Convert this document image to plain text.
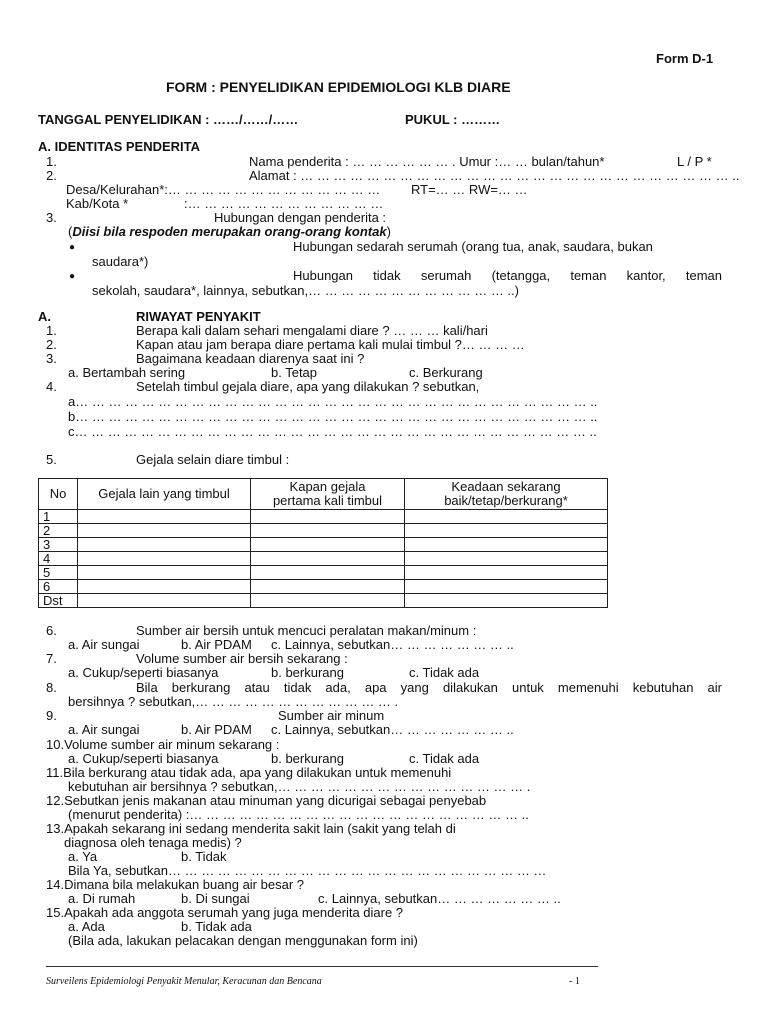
Form D-1
FORM : PENYELIDIKAN EPIDEMIOLOGI KLB DIARE
TANGGAL PENYELIDIKAN : ……/……/……	PUKUL : ………
A. IDENTITAS PENDERITA
1.	Nama penderita : … … … … … … . Umur :… … bulan/tahun*	L / P *
2.	Alamat : … … … … … … … … … … … … … … … … … … … … … … … … … … ..
Desa/Kelurahan*:… … … … … … … … … … … … … RT=… … RW=… …
Kab/Kota *	:… … … … … … … … … … … …
3.	Hubungan dengan penderita :
(Diisi bila respoden merupakan orang-orang kontak)
●	Hubungan sedarah serumah (orang tua, anak, saudara, bukan
saudara*)
●	Hubungan tidak serumah (tetangga, teman kantor, teman
sekolah, saudara*, lainnya, sebutkan,… … … … … … … … … … … … ..)
A.	RIWAYAT PENYAKIT
1.	Berapa kali dalam sehari mengalami diare ? … … … kali/hari
2.	Kapan atau jam berapa diare pertama kali mulai timbul ?… … … …
3.	Bagaimana keadaan diarenya saat ini ?
a. Bertambah sering	b. Tetap	c. Berkurang
4.	Setelah timbul gejala diare, apa yang dilakukan ? sebutkan,
a… … … … … … … … … … … … … … … … … … … … … … … … … … … … … … … ..
b… … … … … … … … … … … … … … … … … … … … … … … … … … … … … … … ..
c… … … … … … … … … … … … … … … … … … … … … … … … … … … … … … … ..
5.	Gejala selain diare timbul :
No	Gejala lain yang timbul	Kapan gejala pertama kali timbul	Keadaan sekarang baik/tetap/berkurang*

1			
2			
3			
4			
5			
6			
Dst			
6.	Sumber air bersih untuk mencuci peralatan makan/minum :
a. Air sungai	b. Air PDAM c. Lainnya, sebutkan… … … … … … … ..
7.	Volume sumber air bersih sekarang :
a. Cukup/seperti biasanya	b. berkurang	c. Tidak ada
8.	Bila berkurang atau tidak ada, apa yang dilakukan untuk memenuhi kebutuhan air
bersihnya ? sebutkan,… … … … … … … … … … … … .
9.	Sumber air minum
a. Air sungai	b. Air PDAM c. Lainnya, sebutkan… … … … … … … ..
10.Volume sumber air minum sekarang :
a. Cukup/seperti biasanya	b. berkurang	c. Tidak ada
11.Bila berkurang atau tidak ada, apa yang dilakukan untuk memenuhi
kebutuhan air bersihnya ? sebutkan,… … … … … … … … … … … … … … … .
12.Sebutkan jenis makanan atau minuman yang dicurigai sebagai penyebab
(menurut penderita) :… … … … … … … … … … … … … … … … … … … … ..
13.Apakah sekarang ini sedang menderita sakit lain (sakit yang telah di
diagnosa oleh tenaga medis) ?
a. Ya	b. Tidak
Bila Ya, sebutkan… … … … … … … … … … … … … … … … … … … … … … …
14.Dimana bila melakukan buang air besar ?
a. Di rumah	b. Di sungai	c. Lainnya, sebutkan… … … … … … … ..
15.Apakah ada anggota serumah yang juga menderita diare ?
a. Ada	b. Tidak ada
(Bila ada, lakukan pelacakan dengan menggunakan form ini)
Surveilens Epidemiologi Penyakit Menular, Keracunan dan Bencana	- 1
